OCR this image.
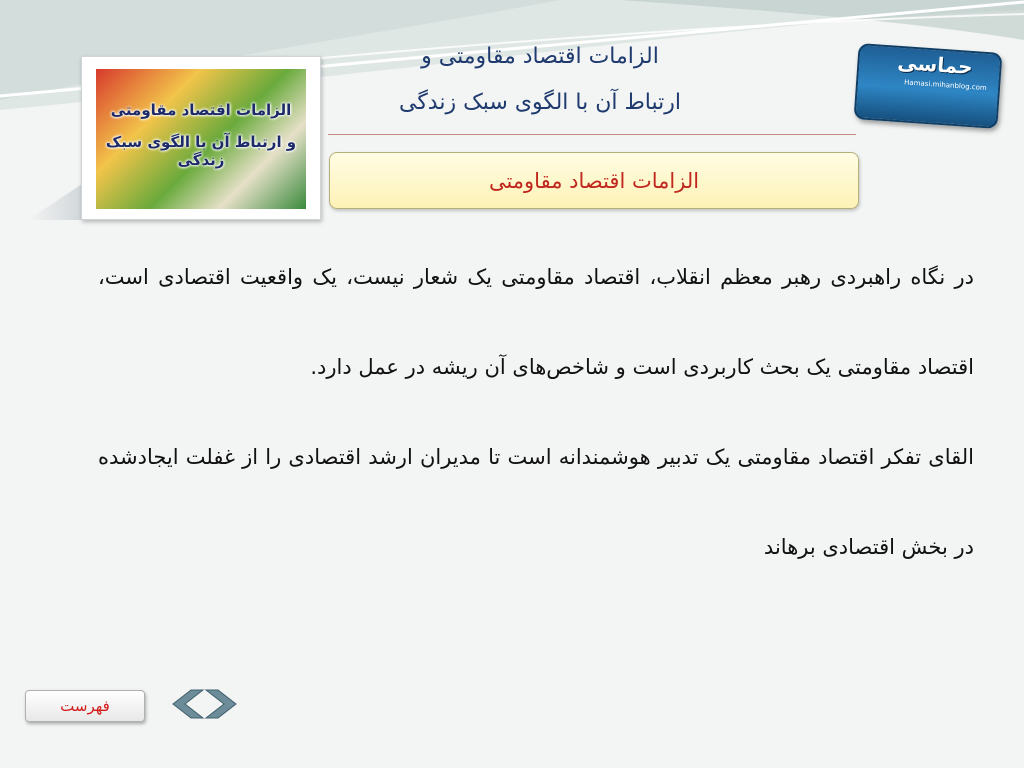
حماسی
Hamasi.mihanblog.com
الزامات اقتصاد مقاومتی
و ارتباط آن با الگوی سبک زندگی
الزامات اقتصاد مقاومتی و
ارتباط آن با الگوی سبک زندگی
الزامات اقتصاد مقاومتی

در نگاه راهبردی رهبر معظم انقلاب، اقتصاد مقاومتی یک شعار نیست، یک واقعیت اقتصادی است، اقتصاد مقاومتی یک بحث کاربردی است و شاخص‌های آن ریشه در عمل دارد.

القای تفکر اقتصاد مقاومتی یک تدبیر هوشمندانه است تا مدیران ارشد اقتصادی را از غفلت ایجادشده در بخش اقتصادی برهاند

فهرست
